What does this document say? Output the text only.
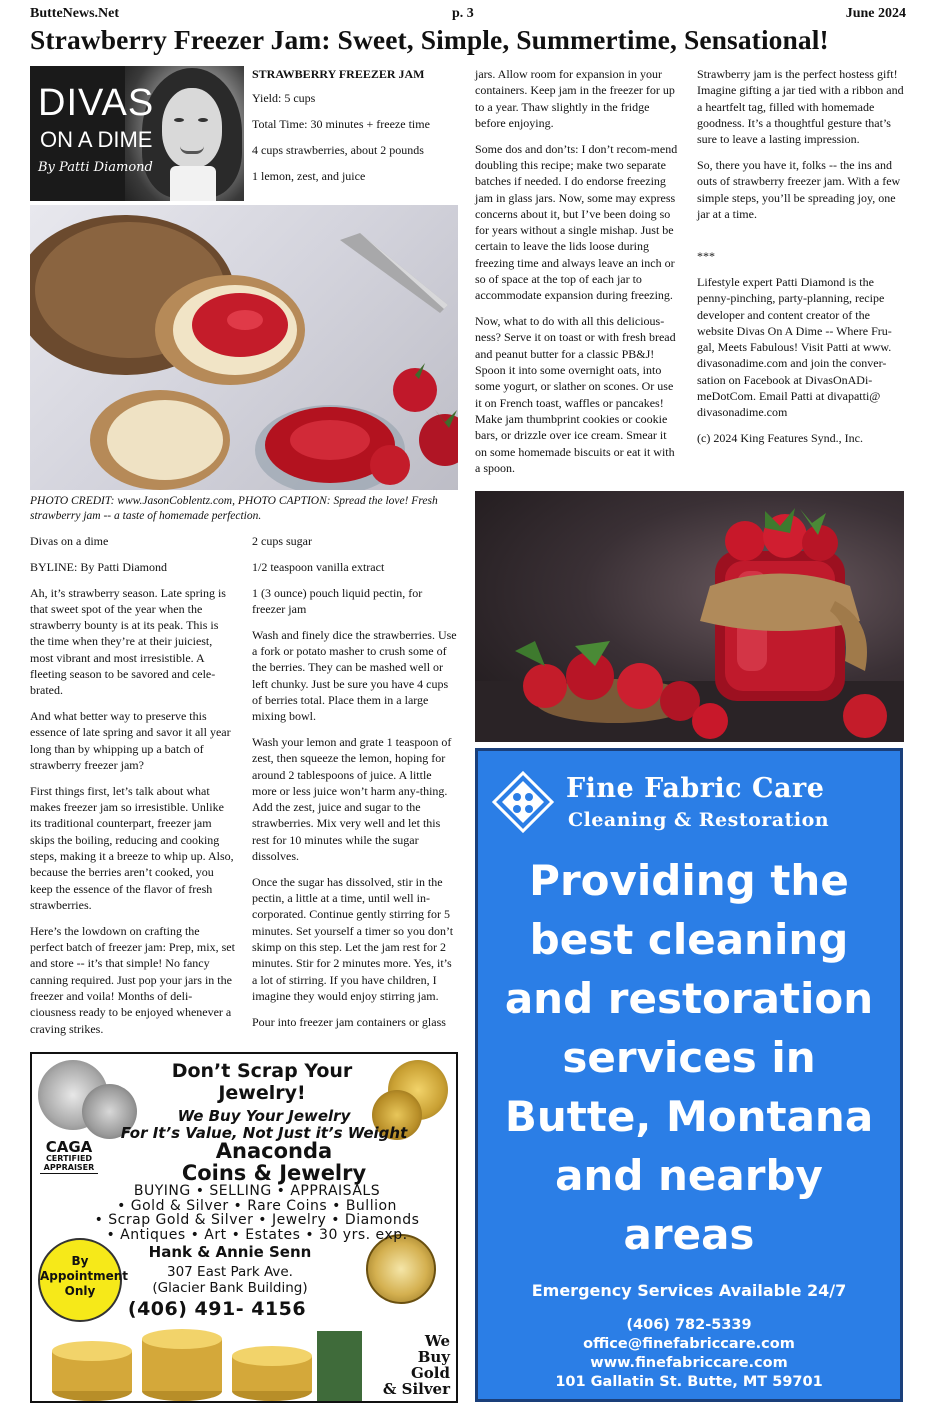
ButteNews.Net	p. 3	June 2024
Strawberry Freezer Jam: Sweet, Simple, Summertime, Sensational!
DIVAS
ON A DIME
By Patti Diamond

STRAWBERRY FREEZER JAM

Yield: 5 cups

Total Time: 30 minutes + freeze time

4 cups strawberries, about 2 pounds

1 lemon, zest, and juice

PHOTO CREDIT: www.JasonCoblentz.com, PHOTO CAPTION: Spread the love! Fresh strawberry jam -- a taste of homemade perfection.

Divas on a dime

BYLINE: By Patti Diamond

Ah, it’s strawberry season. Late spring is that sweet spot of the year when the strawberry bounty is at its peak. This is the time when they’re at their juiciest, most vibrant and most irresistible. A fleeting season to be savored and cele-brated.

And what better way to preserve this essence of late spring and savor it all year long than by whipping up a batch of strawberry freezer jam?

First things first, let’s talk about what makes freezer jam so irresistible. Unlike its traditional counterpart, freezer jam skips the boiling, reducing and cooking steps, making it a breeze to whip up. Also, because the berries aren’t cooked, you keep the essence of the flavor of fresh strawberries.

Here’s the lowdown on crafting the perfect batch of freezer jam: Prep, mix, set and store -- it’s that simple! No fancy canning required. Just pop your jars in the freezer and voila! Months of deli-ciousness ready to be enjoyed whenever a craving strikes.

2 cups sugar

1/2 teaspoon vanilla extract

1 (3 ounce) pouch liquid pectin, for freezer jam

Wash and finely dice the strawberries. Use a fork or potato masher to crush some of the berries. They can be mashed well or left chunky. Just be sure you have 4 cups of berries total. Place them in a large mixing bowl.

Wash your lemon and grate 1 teaspoon of zest, then squeeze the lemon, hoping for around 2 tablespoons of juice. A little more or less juice won’t harm any-thing. Add the zest, juice and sugar to the strawberries. Mix very well and let this rest for 10 minutes while the sugar dissolves.

Once the sugar has dissolved, stir in the pectin, a little at a time, until well in-corporated. Continue gently stirring for 5 minutes. Set yourself a timer so you don’t skimp on this step. Let the jam rest for 2 minutes. Stir for 2 minutes more. Yes, it’s a lot of stirring. If you have children, I imagine they would enjoy stirring jam.

Pour into freezer jam containers or glass

jars. Allow room for expansion in your containers. Keep jam in the freezer for up to a year. Thaw slightly in the fridge before enjoying.

Some dos and don’ts: I don’t recom-mend doubling this recipe; make two separate batches if needed. I do endorse freezing jam in glass jars. Now, some may express concerns about it, but I’ve been doing so for years without a single mishap. Just be certain to leave the lids loose during freezing time and always leave an inch or so of space at the top of each jar to accommodate expansion during freezing.

Now, what to do with all this delicious-ness? Serve it on toast or with fresh bread and peanut butter for a classic PB&J! Spoon it into some overnight oats, into some yogurt, or slather on scones. Or use it on French toast, waffles or pancakes! Make jam thumbprint cookies or cookie bars, or drizzle over ice cream. Smear it on some homemade biscuits or eat it with a spoon.

Strawberry jam is the perfect hostess gift! Imagine gifting a jar tied with a ribbon and a heartfelt tag, filled with homemade goodness. It’s a thoughtful gesture that’s sure to leave a lasting impression.

So, there you have it, folks -- the ins and outs of strawberry freezer jam. With a few simple steps, you’ll be spreading joy, one jar at a time.

***

Lifestyle expert Patti Diamond is the penny-pinching, party-planning, recipe developer and content creator of the website Divas On A Dime -- Where Fru-gal, Meets Fabulous! Visit Patti at www. divasonadime.com and join the conver-sation on Facebook at DivasOnADi-meDotCom. Email Patti at divapatti@ divasonadime.com

(c) 2024 King Features Synd., Inc.

Fine Fabric Care
Cleaning & Restoration
Providing the best cleaning and restoration services in Butte, Montana and nearby areas
Emergency Services Available 24/7
(406) 782-5339
office@finefabriccare.com
www.finefabriccare.com
101 Gallatin St. Butte, MT 59701
Don’t Scrap Your Jewelry!
We Buy Your Jewelry
For It’s Value, Not Just it’s Weight
Anaconda
Coins & Jewelry
CAGA
CERTIFIED APPRAISER
BUYING • SELLING • APPRAISALS
• Gold & Silver • Rare Coins • Bullion
• Scrap Gold & Silver • Jewelry • Diamonds
• Antiques • Art • Estates • 30 yrs. exp.
By Appointment Only
Hank & Annie Senn
307 East Park Ave.
(Glacier Bank Building)
(406) 491- 4156
We
Buy
Gold
& Silver
